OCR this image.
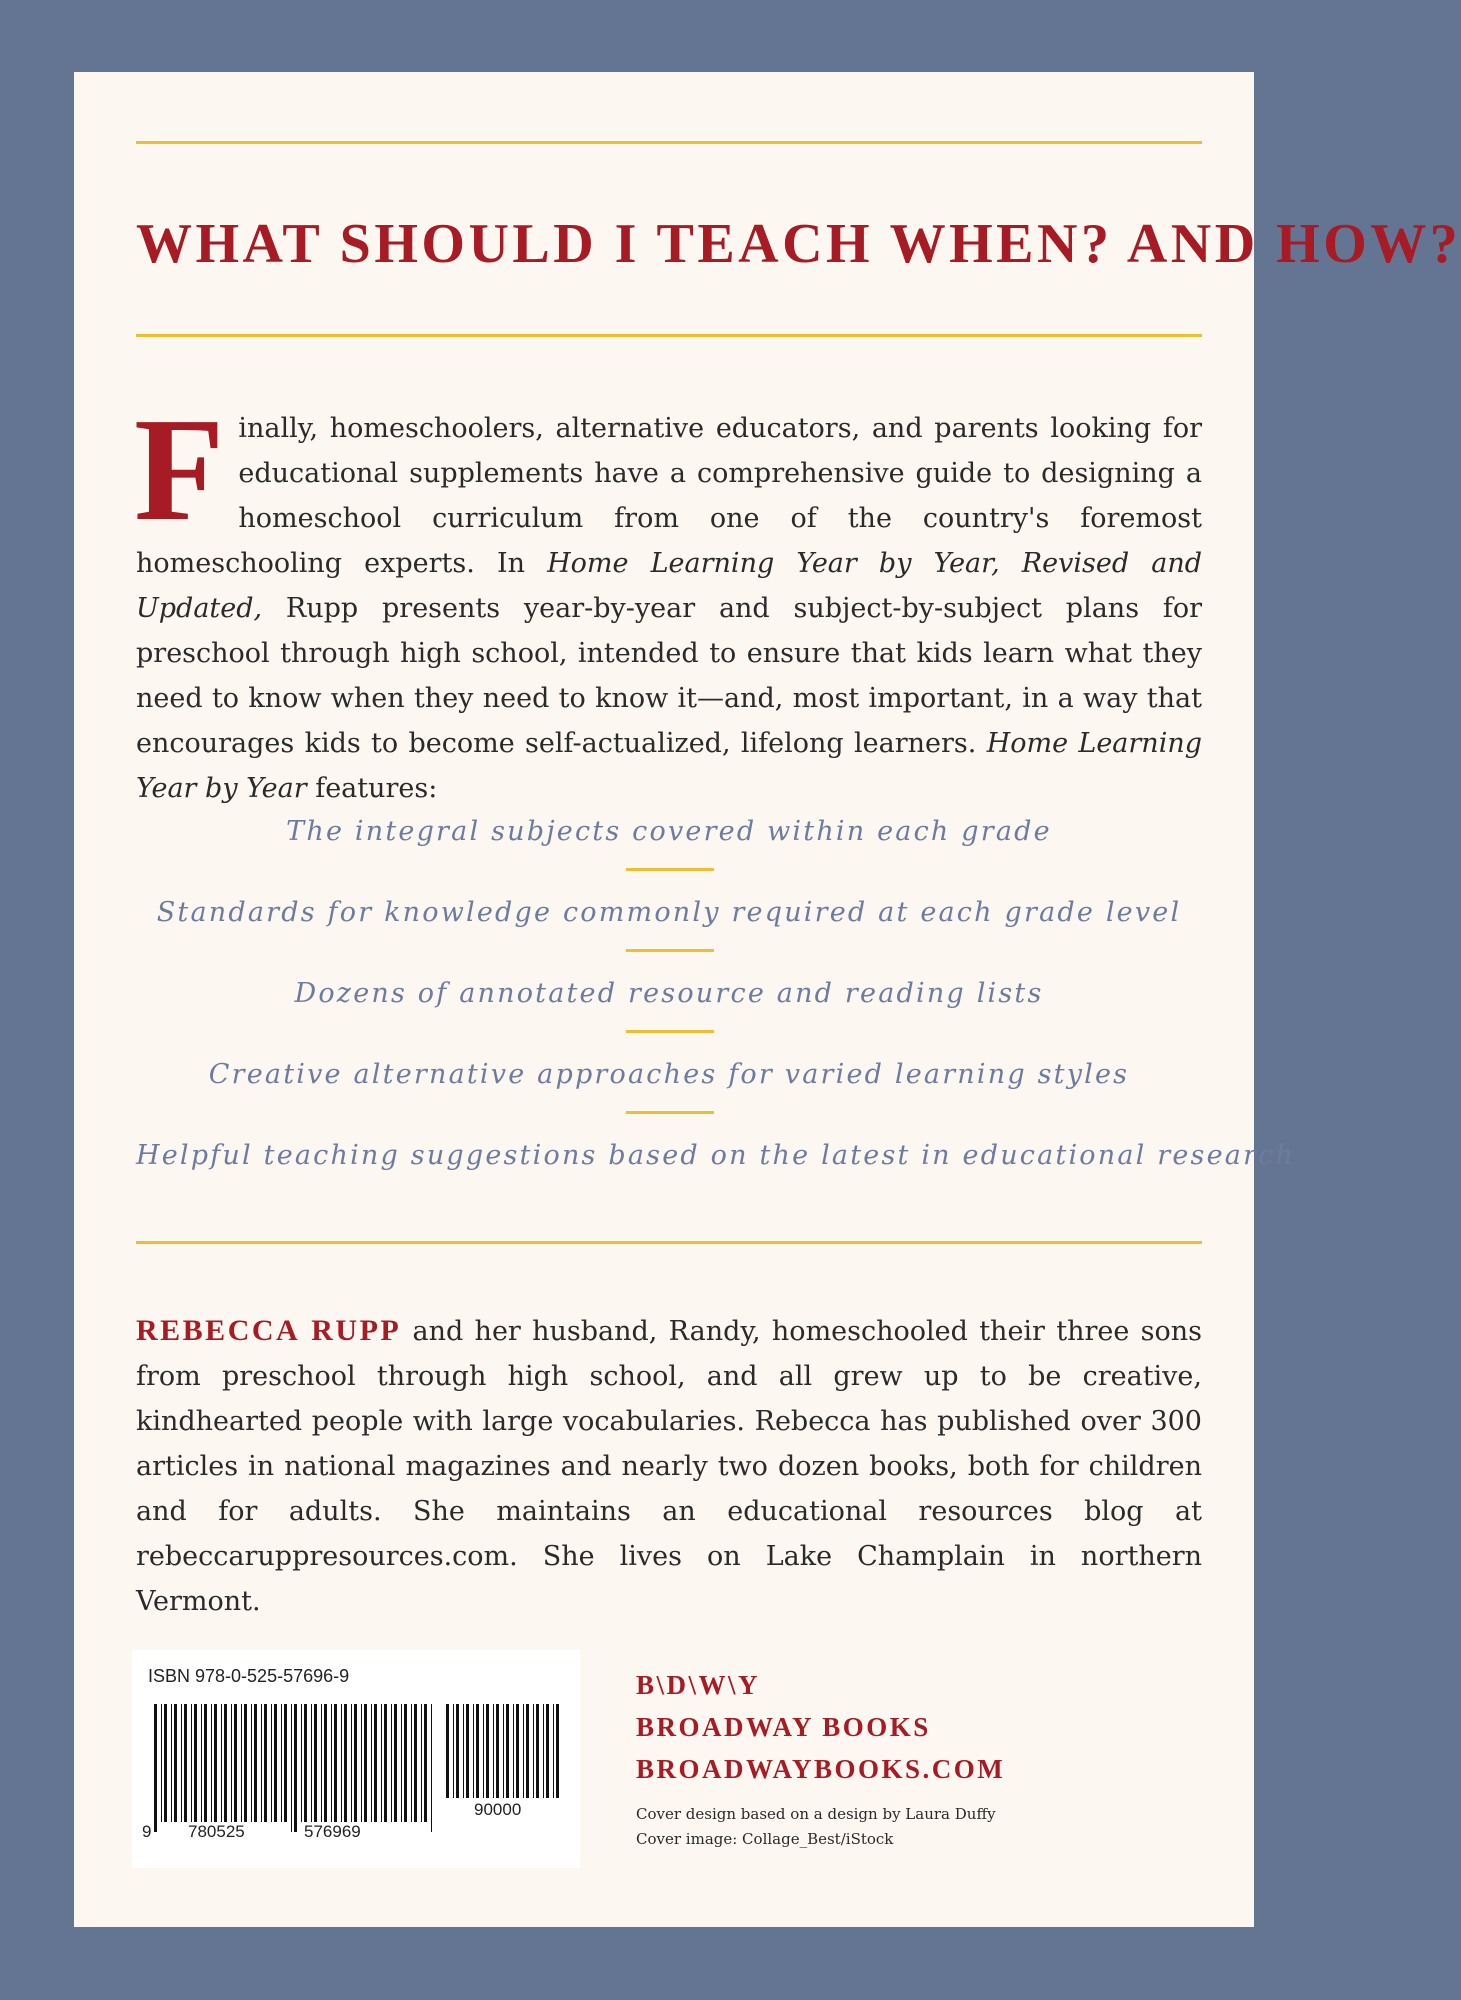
WHAT SHOULD I TEACH WHEN? AND HOW?

Finally, homeschoolers, alternative educators, and parents looking for educational supplements have a comprehensive guide to designing a homeschool curriculum from one of the country's foremost homeschooling experts. In Home Learning Year by Year, Revised and Updated, Rupp presents year-by-year and subject-by-subject plans for preschool through high school, intended to ensure that kids learn what they need to know when they need to know it—and, most important, in a way that encourages kids to become self-actualized, lifelong learners. Home Learning Year by Year features:

The integral subjects covered within each grade
Standards for knowledge commonly required at each grade level
Dozens of annotated resource and reading lists
Creative alternative approaches for varied learning styles
Helpful teaching suggestions based on the latest in educational research

REBECCA RUPP and her husband, Randy, homeschooled their three sons from preschool through high school, and all grew up to be creative, kindhearted people with large vocabularies. Rebecca has published over 300 articles in national magazines and nearly two dozen books, both for children and for adults. She maintains an educational resources blog at rebeccaruppresources.com. She lives on Lake Champlain in northern Vermont.

ISBN 978-0-525-57696-9
9 780525	576969
90000
B\D\W\Y
BROADWAY BOOKS
BROADWAYBOOKS.COM
Cover design based on a design by Laura Duffy
Cover image: Collage_Best/iStock
